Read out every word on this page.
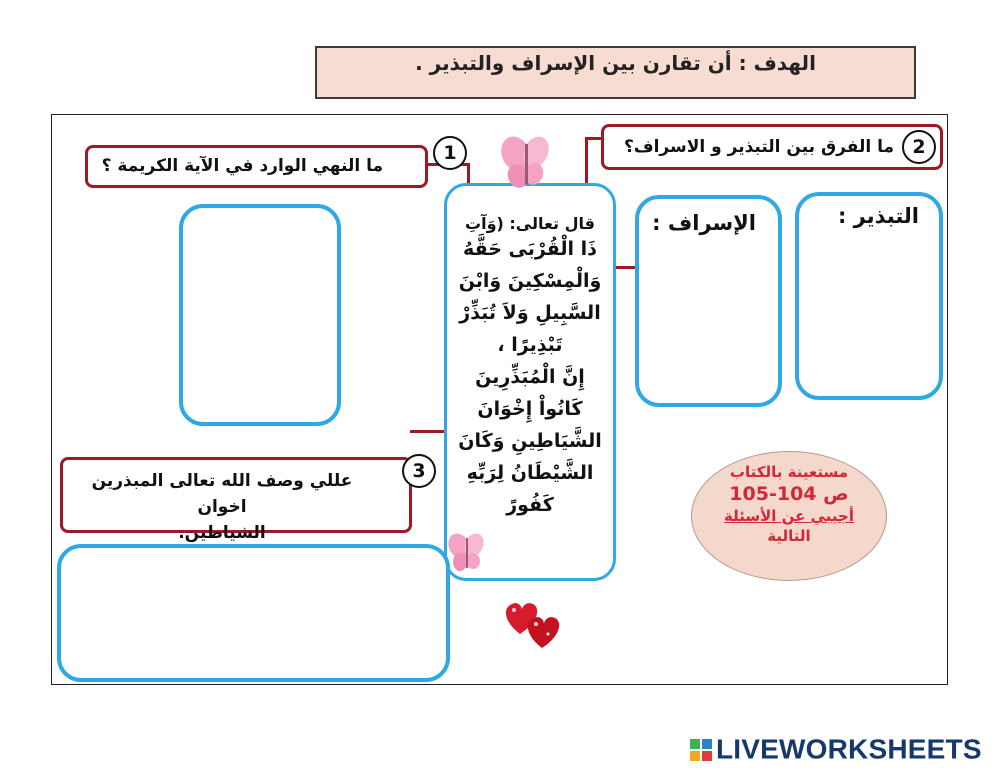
الهدف : أن تقارن بين الإسراف والتبذير .
ما النهي الوارد في الآية الكريمة ؟
1	ما الفرق بين التبذير و الاسراف؟ 2
التبذير :
الإسراف :
قال تعالى: (وَآتِ
ذَا الْقُرْبَى حَقَّهُ
وَالْمِسْكِينَ وَابْنَ
السَّبِيلِ وَلاَ تُبَذِّرْ
تَبْذِيرًا ،
إِنَّ الْمُبَذِّرِينَ
كَانُواْ إِخْوَانَ
الشَّيَاطِينِ وَكَانَ
الشَّيْطَانُ لِرَبِّهِ
كَفُورً
عللي وصف الله تعالى المبذرين اخوان
الشياطين.
3	مستعينة بالكتاب
ص 104-105
أجيبي عن الأسئلة
التالية
LIVEWORKSHEETS
